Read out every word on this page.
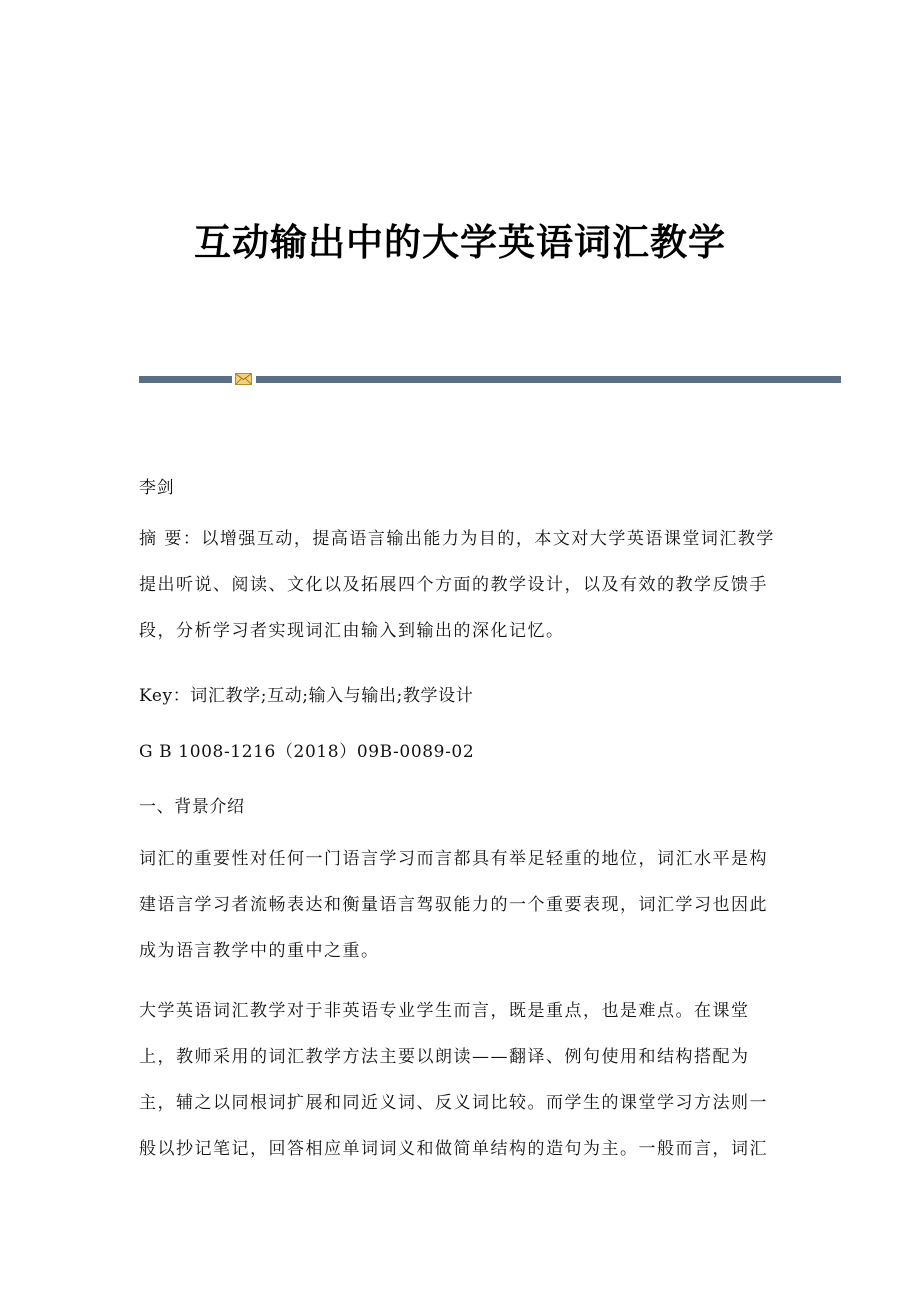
互动输出中的大学英语词汇教学
李剑
摘 要：以增强互动，提高语言输出能力为目的，本文对大学英语课堂词汇教学提出听说、阅读、文化以及拓展四个方面的教学设计，以及有效的教学反馈手段，分析学习者实现词汇由输入到输出的深化记忆。
Key：词汇教学;互动;输入与输出;教学设计
G B 1008-1216（2018）09B-0089-02
一、背景介绍
词汇的重要性对任何一门语言学习而言都具有举足轻重的地位，词汇水平是构建语言学习者流畅表达和衡量语言驾驭能力的一个重要表现，词汇学习也因此成为语言教学中的重中之重。
大学英语词汇教学对于非英语专业学生而言，既是重点，也是难点。在课堂上，教师采用的词汇教学方法主要以朗读——翻译、例句使用和结构搭配为主，辅之以同根词扩展和同近义词、反义词比较。而学生的课堂学习方法则一般以抄记笔记，回答相应单词词义和做简单结构的造句为主。一般而言，词汇
